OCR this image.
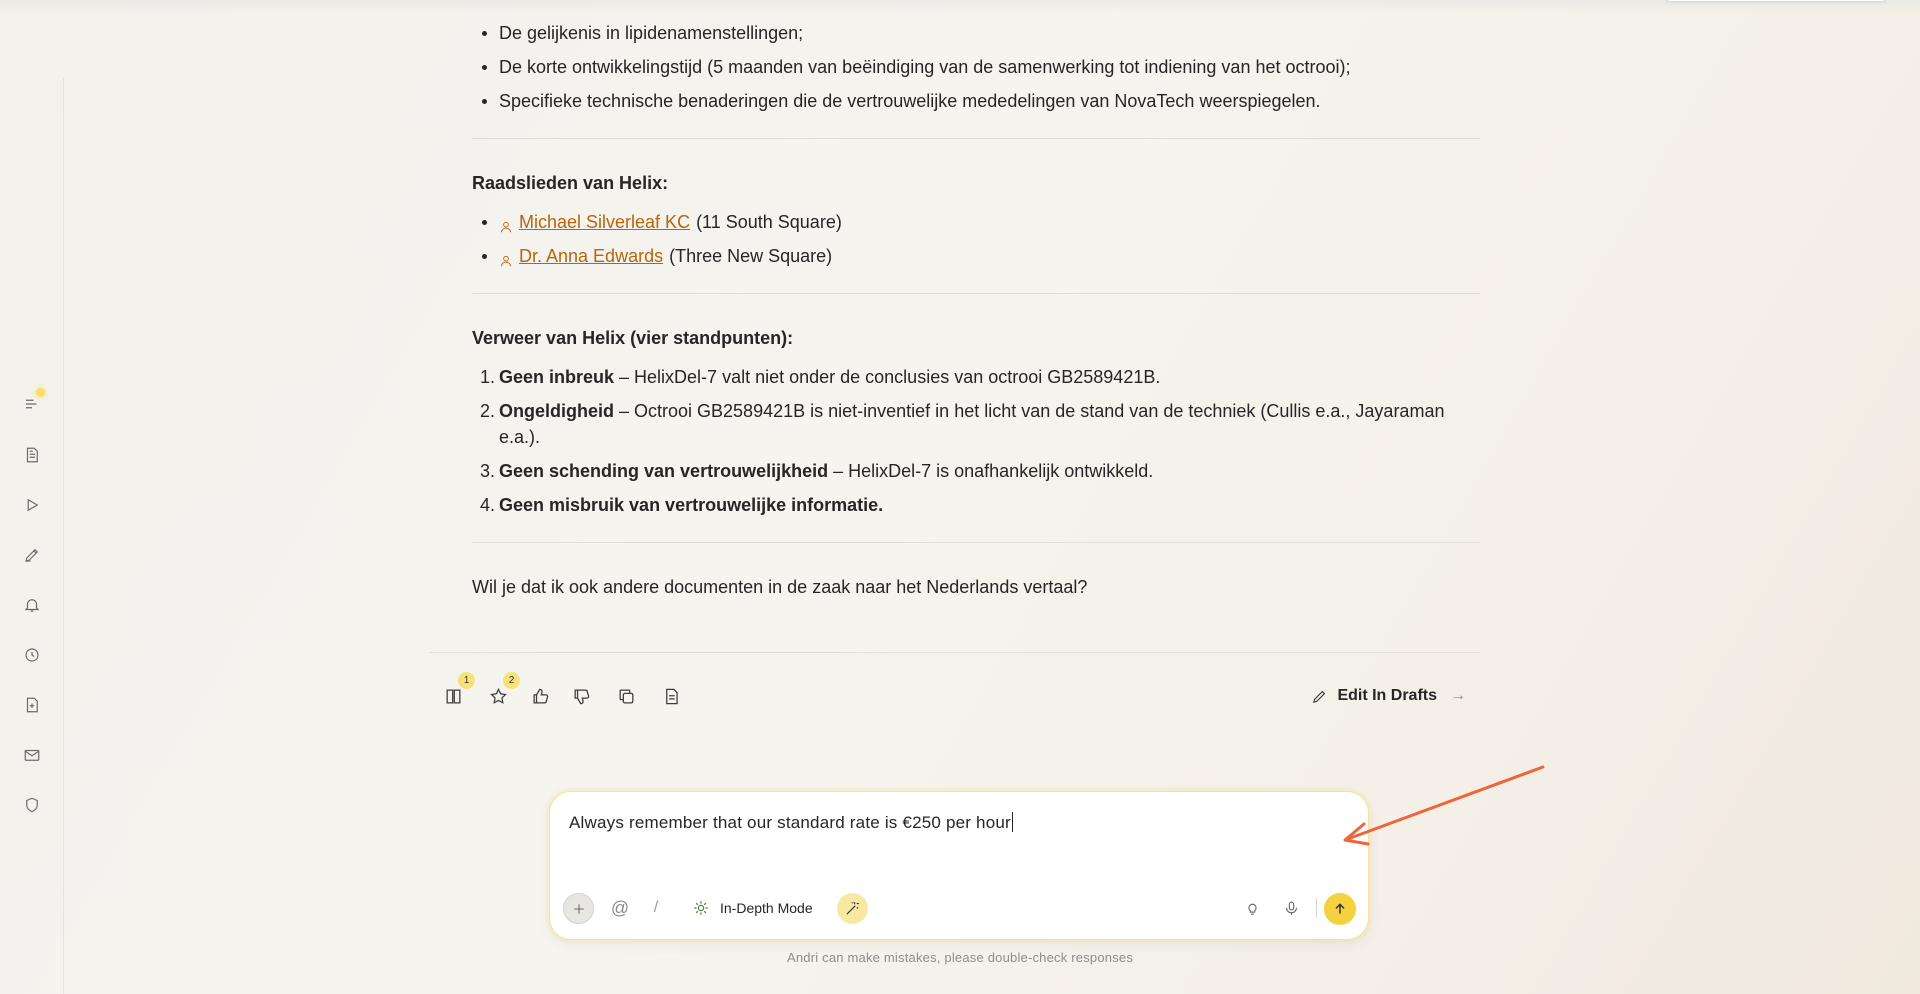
De gelijkenis in lipidenamenstellingen;
De korte ontwikkelingstijd (5 maanden van beëindiging van de samenwerking tot indiening van het octrooi);
Specifieke technische benaderingen die de vertrouwelijke mededelingen van NovaTech weerspiegelen.
Raadslieden van Helix:
Michael Silverleaf KC (11 South Square)
Dr. Anna Edwards (Three New Square)
Verweer van Helix (vier standpunten):
1. Geen inbreuk – HelixDel-7 valt niet onder de conclusies van octrooi GB2589421B.
2. Ongeldigheid – Octrooi GB2589421B is niet-inventief in het licht van de stand van de techniek (Cullis e.a., Jayaraman e.a.).
3. Geen schending van vertrouwelijkheid – HelixDel-7 is onafhankelijk ontwikkeld.
4. Geen misbruik van vertrouwelijke informatie.

Wil je dat ik ook andere documenten in de zaak naar het Nederlands vertaal?

1	2
Edit In Drafts →
Always remember that our standard rate is €250 per hour
@	/	In-Depth Mode
Andri can make mistakes, please double-check responses
